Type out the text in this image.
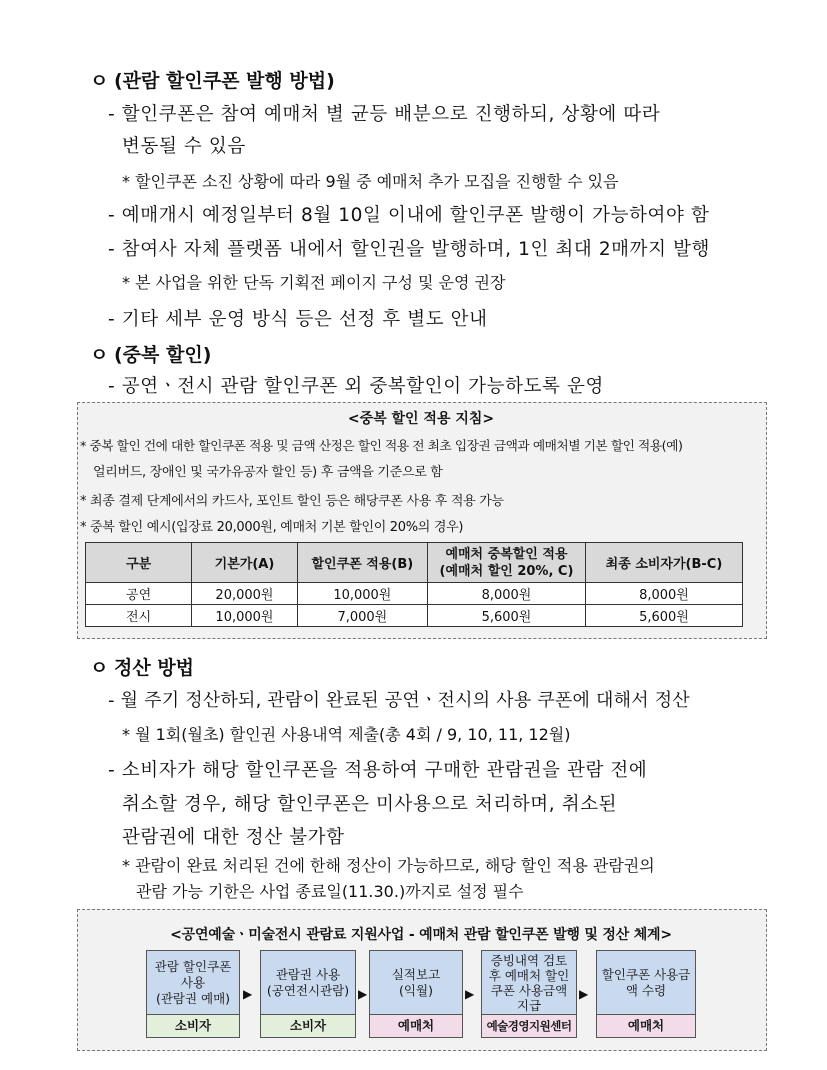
ㅇ (관람 할인쿠폰 발행 방법)
- 할인쿠폰은 참여 예매처 별 균등 배분으로 진행하되, 상황에 따라
변동될 수 있음
* 할인쿠폰 소진 상황에 따라 9월 중 예매처 추가 모집을 진행할 수 있음
- 예매개시 예정일부터 8월 10일 이내에 할인쿠폰 발행이 가능하여야 함
- 참여사 자체 플랫폼 내에서 할인권을 발행하며, 1인 최대 2매까지 발행
* 본 사업을 위한 단독 기획전 페이지 구성 및 운영 권장
- 기타 세부 운영 방식 등은 선정 후 별도 안내
ㅇ (중복 할인)
- 공연ㆍ전시 관람 할인쿠폰 외 중복할인이 가능하도록 운영
<중복 할인 적용 지침>
* 중복 할인 건에 대한 할인쿠폰 적용 및 금액 산정은 할인 적용 전 최초 입장권 금액과 예매처별 기본 할인 적용(예)
얼리버드, 장애인 및 국가유공자 할인 등) 후 금액을 기준으로 함
* 최종 결제 단계에서의 카드사, 포인트 할인 등은 해당쿠폰 사용 후 적용 가능
* 중복 할인 예시(입장료 20,000원, 예매처 기본 할인이 20%의 경우)
구분	기본가(A)	할인쿠폰 적용(B)	예매처 중복할인 적용
(예매처 할인 20%, C)	최종 소비자가(B-C)
공연	20,000원	10,000원	8,000원	8,000원
전시	10,000원	7,000원	5,600원	5,600원
ㅇ 정산 방법
- 월 주기 정산하되, 관람이 완료된 공연ㆍ전시의 사용 쿠폰에 대해서 정산
* 월 1회(월초) 할인권 사용내역 제출(총 4회 / 9, 10, 11, 12월)
- 소비자가 해당 할인쿠폰을 적용하여 구매한 관람권을 관람 전에
취소할 경우, 해당 할인쿠폰은 미사용으로 처리하며, 취소된
관람권에 대한 정산 불가함
* 관람이 완료 처리된 건에 한해 정산이 가능하므로, 해당 할인 적용 관람권의
관람 가능 기한은 사업 종료일(11.30.)까지로 설정 필수
<공연예술ㆍ미술전시 관람료 지원사업 - 예매처 관람 할인쿠폰 발행 및 정산 체계>
관람 할인쿠폰
사용
(관람권 예매)
소비자
▶
관람권 사용
(공연전시관람)
소비자
▶
실적보고
(익월)
예매처
▶
증빙내역 검토
후 예매처 할인
쿠폰 사용금액
지급
예술경영지원센터
▶
할인쿠폰 사용금
액 수령
예매처
